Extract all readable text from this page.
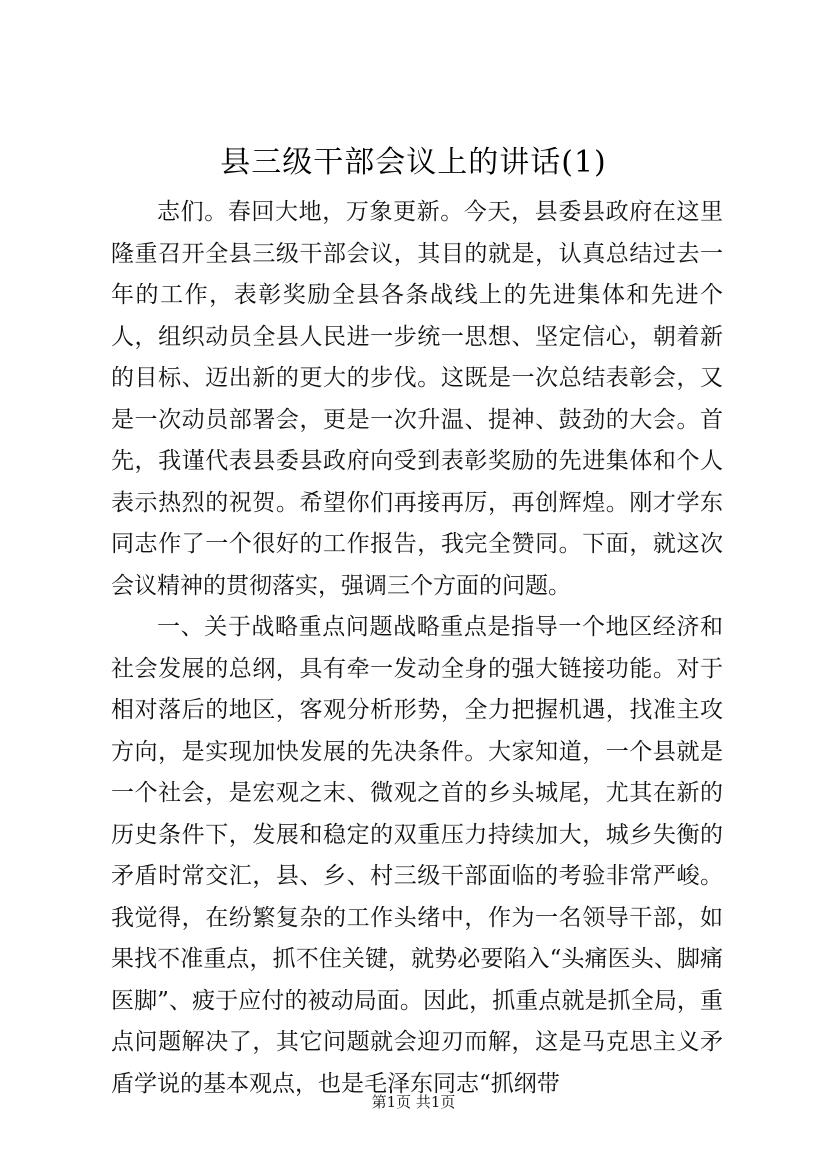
县三级干部会议上的讲话(1)

志们。春回大地，万象更新。今天，县委县政府在这里隆重召开全县三级干部会议，其目的就是，认真总结过去一年的工作，表彰奖励全县各条战线上的先进集体和先进个人，组织动员全县人民进一步统一思想、坚定信心，朝着新的目标、迈出新的更大的步伐。这既是一次总结表彰会，又是一次动员部署会，更是一次升温、提神、鼓劲的大会。首先，我谨代表县委县政府向受到表彰奖励的先进集体和个人表示热烈的祝贺。希望你们再接再厉，再创辉煌。刚才学东同志作了一个很好的工作报告，我完全赞同。下面，就这次会议精神的贯彻落实，强调三个方面的问题。

一、关于战略重点问题战略重点是指导一个地区经济和社会发展的总纲，具有牵一发动全身的强大链接功能。对于相对落后的地区，客观分析形势，全力把握机遇，找准主攻方向，是实现加快发展的先决条件。大家知道，一个县就是一个社会，是宏观之末、微观之首的乡头城尾，尤其在新的历史条件下，发展和稳定的双重压力持续加大，城乡失衡的矛盾时常交汇，县、乡、村三级干部面临的考验非常严峻。我觉得，在纷繁复杂的工作头绪中，作为一名领导干部，如果找不准重点，抓不住关键，就势必要陷入“头痛医头、脚痛医脚”、疲于应付的被动局面。因此，抓重点就是抓全局，重点问题解决了，其它问题就会迎刃而解，这是马克思主义矛盾学说的基本观点，也是毛泽东同志“抓纲带

第1页 共1页
